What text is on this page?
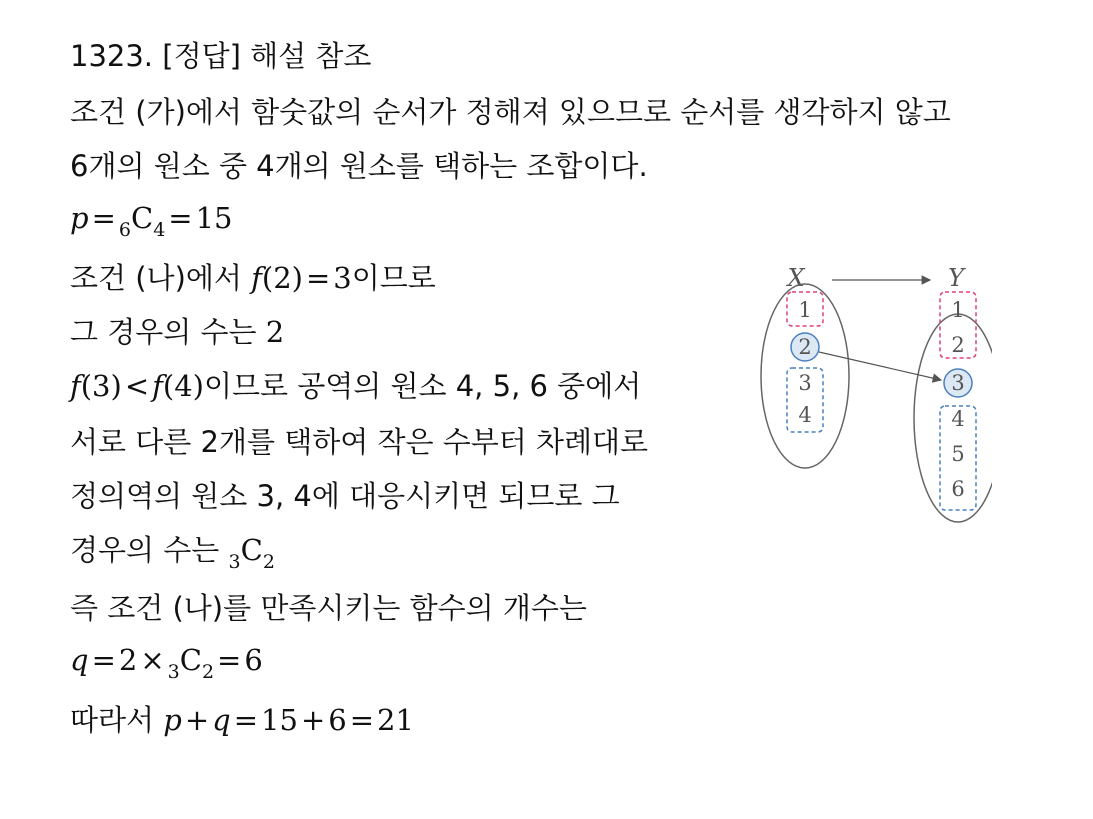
1323. [정답] 해설 참조
조건 (가)에서 함숫값의 순서가 정해져 있으므로 순서를 생각하지 않고
6개의 원소 중 4개의 원소를 택하는 조합이다.
$p = _6C_4 = 15$
조건 (나)에서 f(2) = 3이므로
그 경우의 수는 2
f(3) < f(4)이므로 공역의 원소 4, 5, 6 중에서
서로 다른 2개를 택하여 작은 수부터 차례대로
정의역의 원소 3, 4에 대응시키면 되므로 그
경우의 수는 $_3C_2$
즉 조건 (나)를 만족시키는 함수의 개수는
$q = 2 \times _3C_2 = 6$
따라서 p + q = 15 + 6 = 21
X	Y
1
2
3
4
1
2
3
4
5
6
